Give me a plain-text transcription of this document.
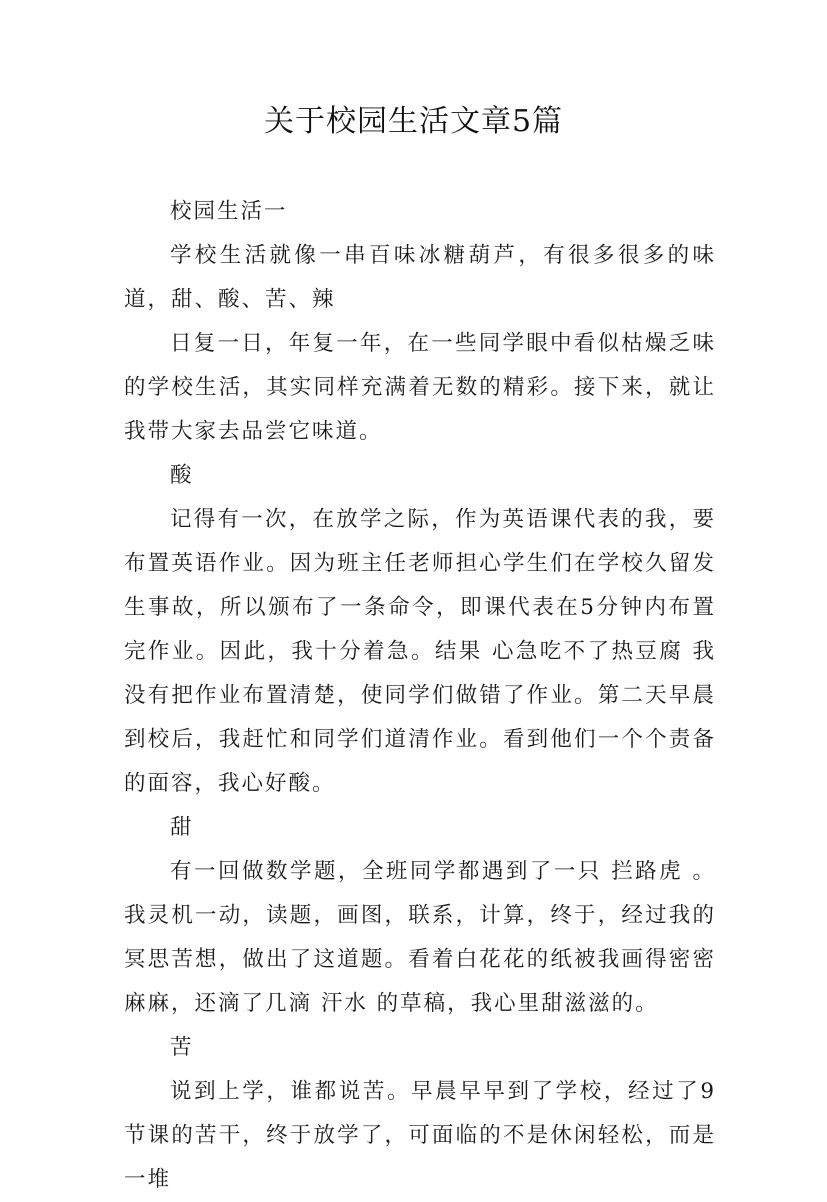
关于校园生活文章5篇

校园生活一

学校生活就像一串百味冰糖葫芦，有很多很多的味道，甜、酸、苦、辣

日复一日，年复一年，在一些同学眼中看似枯燥乏味的学校生活，其实同样充满着无数的精彩。接下来，就让我带大家去品尝它味道。

酸

记得有一次，在放学之际，作为英语课代表的我，要布置英语作业。因为班主任老师担心学生们在学校久留发生事故，所以颁布了一条命令，即课代表在5分钟内布置完作业。因此，我十分着急。结果 心急吃不了热豆腐 我没有把作业布置清楚，使同学们做错了作业。第二天早晨到校后，我赶忙和同学们道清作业。看到他们一个个责备的面容，我心好酸。

甜

有一回做数学题，全班同学都遇到了一只 拦路虎 。我灵机一动，读题，画图，联系，计算，终于，经过我的冥思苦想，做出了这道题。看着白花花的纸被我画得密密麻麻，还滴了几滴 汗水 的草稿，我心里甜滋滋的。

苦

说到上学，谁都说苦。早晨早早到了学校，经过了9节课的苦干，终于放学了，可面临的不是休闲轻松，而是一堆
